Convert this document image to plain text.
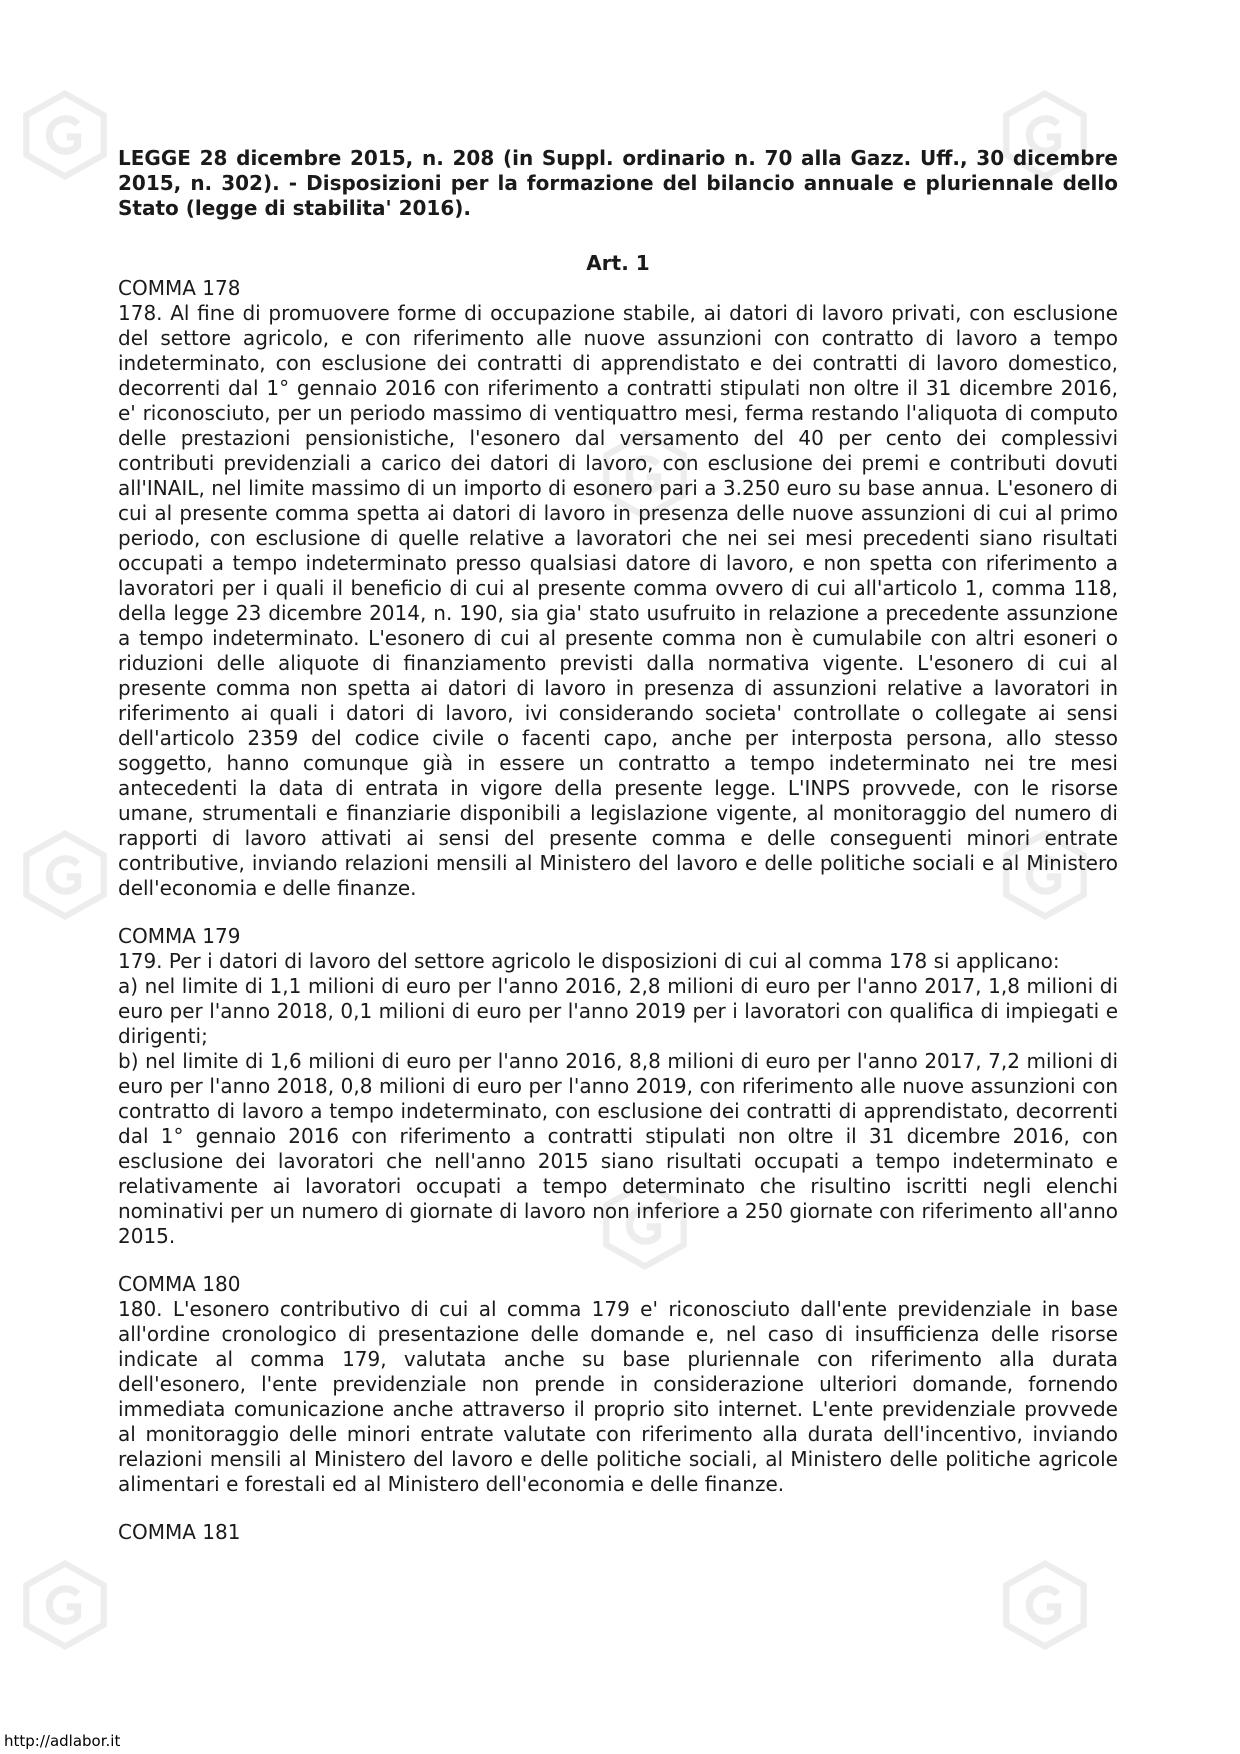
LEGGE 28 dicembre 2015, n. 208 (in Suppl. ordinario n. 70 alla Gazz. Uff., 30 dicembre 2015, n. 302). - Disposizioni per la formazione del bilancio annuale e pluriennale dello Stato (legge di stabilita' 2016).

Art. 1

COMMA 178

178. Al fine di promuovere forme di occupazione stabile, ai datori di lavoro privati, con esclusione del settore agricolo, e con riferimento alle nuove assunzioni con contratto di lavoro a tempo indeterminato, con esclusione dei contratti di apprendistato e dei contratti di lavoro domestico, decorrenti dal 1° gennaio 2016 con riferimento a contratti stipulati non oltre il 31 dicembre 2016, e' riconosciuto, per un periodo massimo di ventiquattro mesi, ferma restando l'aliquota di computo delle prestazioni pensionistiche, l'esonero dal versamento del 40 per cento dei complessivi contributi previdenziali a carico dei datori di lavoro, con esclusione dei premi e contributi dovuti all'INAIL, nel limite massimo di un importo di esonero pari a 3.250 euro su base annua. L'esonero di cui al presente comma spetta ai datori di lavoro in presenza delle nuove assunzioni di cui al primo periodo, con esclusione di quelle relative a lavoratori che nei sei mesi precedenti siano risultati occupati a tempo indeterminato presso qualsiasi datore di lavoro, e non spetta con riferimento a lavoratori per i quali il beneficio di cui al presente comma ovvero di cui all'articolo 1, comma 118, della legge 23 dicembre 2014, n. 190, sia gia' stato usufruito in relazione a precedente assunzione a tempo indeterminato. L'esonero di cui al presente comma non è cumulabile con altri esoneri o riduzioni delle aliquote di finanziamento previsti dalla normativa vigente. L'esonero di cui al presente comma non spetta ai datori di lavoro in presenza di assunzioni relative a lavoratori in riferimento ai quali i datori di lavoro, ivi considerando societa' controllate o collegate ai sensi dell'articolo 2359 del codice civile o facenti capo, anche per interposta persona, allo stesso soggetto, hanno comunque già in essere un contratto a tempo indeterminato nei tre mesi antecedenti la data di entrata in vigore della presente legge. L'INPS provvede, con le risorse umane, strumentali e finanziarie disponibili a legislazione vigente, al monitoraggio del numero di rapporti di lavoro attivati ai sensi del presente comma e delle conseguenti minori entrate contributive, inviando relazioni mensili al Ministero del lavoro e delle politiche sociali e al Ministero dell'economia e delle finanze.

COMMA 179

179. Per i datori di lavoro del settore agricolo le disposizioni di cui al comma 178 si applicano:

a) nel limite di 1,1 milioni di euro per l'anno 2016, 2,8 milioni di euro per l'anno 2017, 1,8 milioni di euro per l'anno 2018, 0,1 milioni di euro per l'anno 2019 per i lavoratori con qualifica di impiegati e dirigenti;

b) nel limite di 1,6 milioni di euro per l'anno 2016, 8,8 milioni di euro per l'anno 2017, 7,2 milioni di euro per l'anno 2018, 0,8 milioni di euro per l'anno 2019, con riferimento alle nuove assunzioni con contratto di lavoro a tempo indeterminato, con esclusione dei contratti di apprendistato, decorrenti dal 1° gennaio 2016 con riferimento a contratti stipulati non oltre il 31 dicembre 2016, con esclusione dei lavoratori che nell'anno 2015 siano risultati occupati a tempo indeterminato e relativamente ai lavoratori occupati a tempo determinato che risultino iscritti negli elenchi nominativi per un numero di giornate di lavoro non inferiore a 250 giornate con riferimento all'anno 2015.

COMMA 180

180. L'esonero contributivo di cui al comma 179 e' riconosciuto dall'ente previdenziale in base all'ordine cronologico di presentazione delle domande e, nel caso di insufficienza delle risorse indicate al comma 179, valutata anche su base pluriennale con riferimento alla durata dell'esonero, l'ente previdenziale non prende in considerazione ulteriori domande, fornendo immediata comunicazione anche attraverso il proprio sito internet. L'ente previdenziale provvede al monitoraggio delle minori entrate valutate con riferimento alla durata dell'incentivo, inviando relazioni mensili al Ministero del lavoro e delle politiche sociali, al Ministero delle politiche agricole alimentari e forestali ed al Ministero dell'economia e delle finanze.

COMMA 181

http://adlabor.it
